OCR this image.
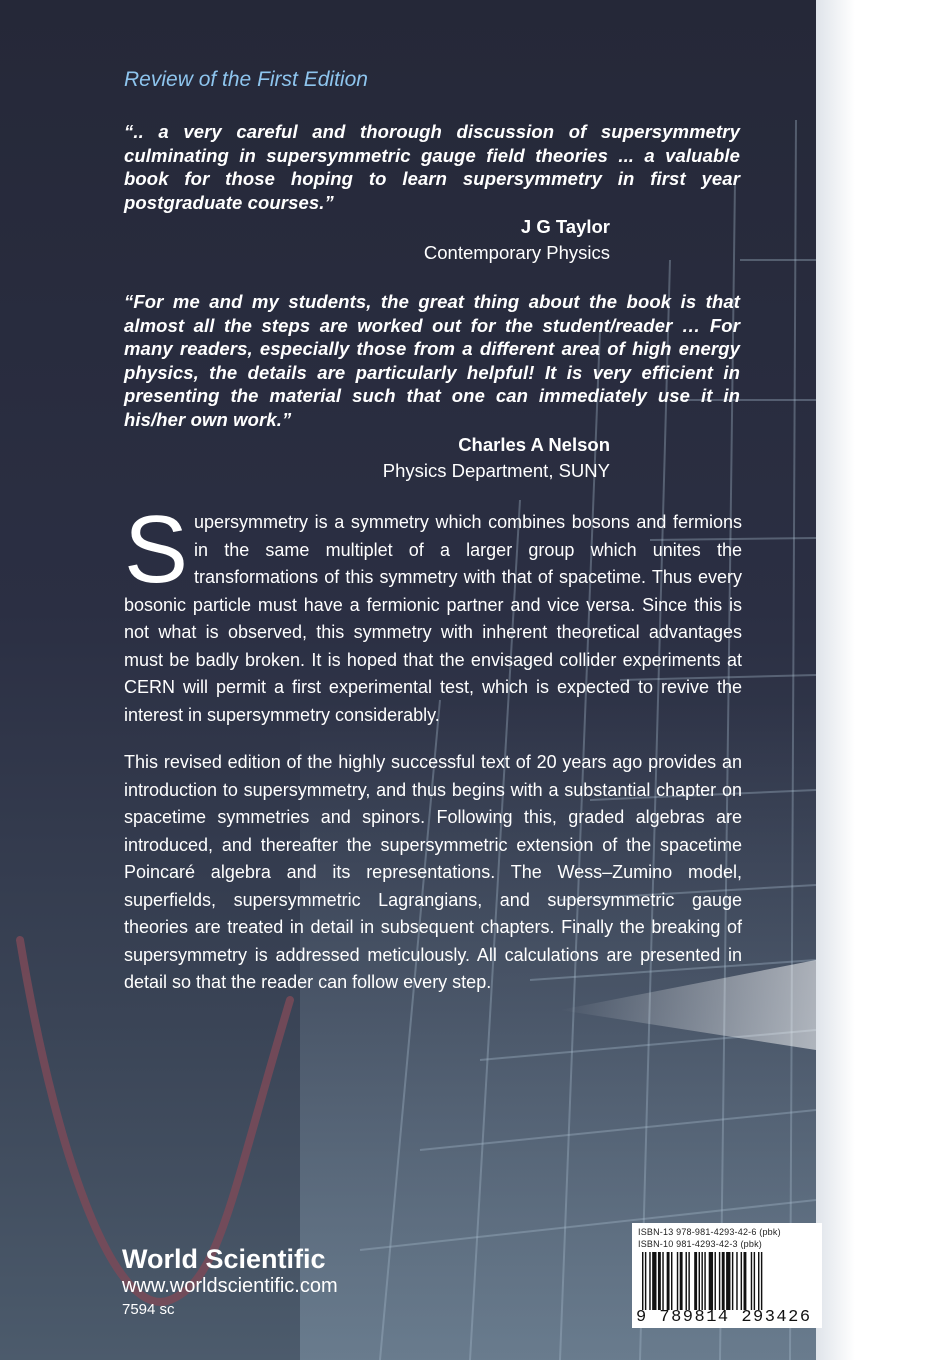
Review of the First Edition
“.. a very careful and thorough discussion of supersymmetry culminating in supersymmetric gauge field theories ... a valuable book for those hoping to learn supersymmetry in first year postgraduate courses.”
J G Taylor
Contemporary Physics
“For me and my students, the great thing about the book is that almost all the steps are worked out for the student/reader … For many readers, especially those from a different area of high energy physics, the details are particularly helpful! It is very efficient in presenting the material such that one can immediately use it in his/her own work.”
Charles A Nelson
Physics Department, SUNY
Supersymmetry is a symmetry which combines bosons and fermions in the same multiplet of a larger group which unites the transformations of this symmetry with that of spacetime. Thus every bosonic particle must have a fermionic partner and vice versa. Since this is not what is observed, this symmetry with inherent theoretical advantages must be badly broken. It is hoped that the envisaged collider experiments at CERN will permit a first experimental test, which is expected to revive the interest in supersymmetry considerably.
This revised edition of the highly successful text of 20 years ago provides an introduction to supersymmetry, and thus begins with a substantial chapter on spacetime symmetries and spinors. Following this, graded algebras are introduced, and thereafter the supersymmetric extension of the spacetime Poincaré algebra and its representations. The Wess–Zumino model, superfields, supersymmetric Lagrangians, and supersymmetric gauge theories are treated in detail in subsequent chapters. Finally the breaking of supersymmetry is addressed meticulously. All calculations are presented in detail so that the reader can follow every step.
World Scientific
www.worldscientific.com
7594 sc
ISBN-13 978-981-4293-42-6 (pbk)
ISBN-10 981-4293-42-3 (pbk)
9 789814 293426
